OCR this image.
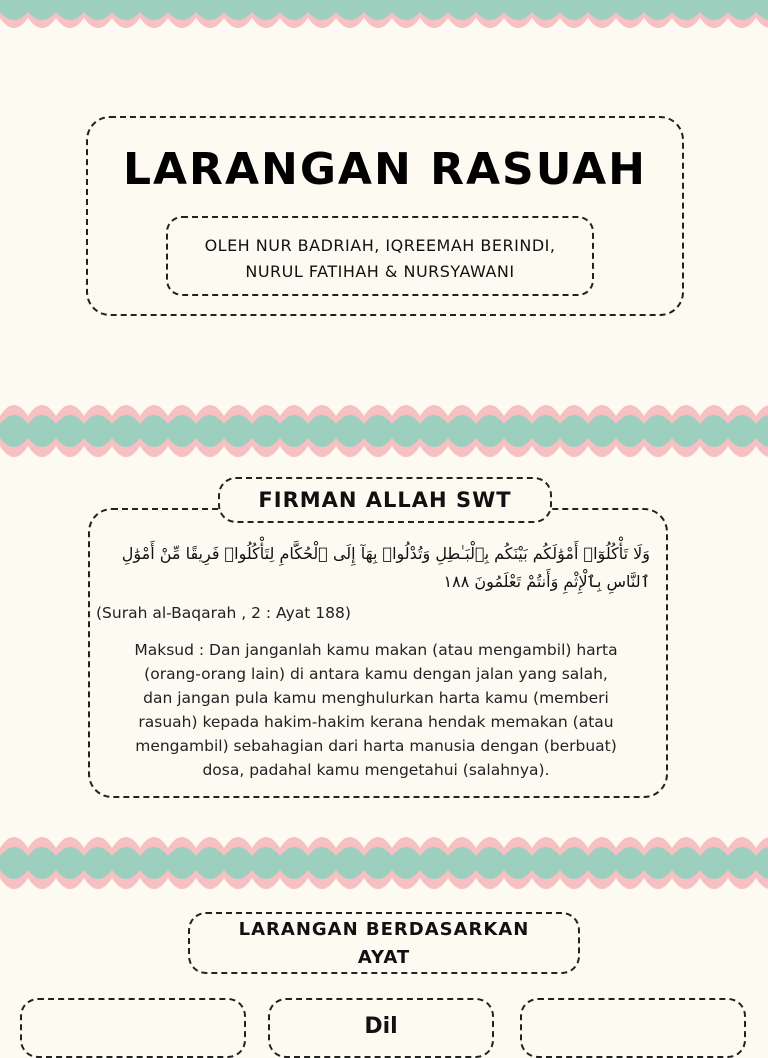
LARANGAN RASUAH
OLEH NUR BADRIAH, IQREEMAH BERINDI,
NURUL FATIHAH & NURSYAWANI
FIRMAN ALLAH SWT
وَلَا تَأْكُلُوٓا۟ أَمْوَٰلَكُم بَيْنَكُم بِٱلْبَـٰطِلِ وَتُدْلُوا۟ بِهَآ إِلَى ٱلْحُكَّامِ لِتَأْكُلُوا۟ فَرِيقًا مِّنْ أَمْوَٰلِ
ٱلنَّاسِ بِٱلْإِثْمِ وَأَنتُمْ تَعْلَمُونَ ١٨٨
(Surah al-Baqarah , 2 : Ayat 188)
Maksud : Dan janganlah kamu makan (atau mengambil) harta
(orang-orang lain) di antara kamu dengan jalan yang salah,
dan jangan pula kamu menghulurkan harta kamu (memberi
rasuah) kepada hakim-hakim kerana hendak memakan (atau
mengambil) sebahagian dari harta manusia dengan (berbuat)
dosa, padahal kamu mengetahui (salahnya).
LARANGAN BERDASARKAN
AYAT
Dil
